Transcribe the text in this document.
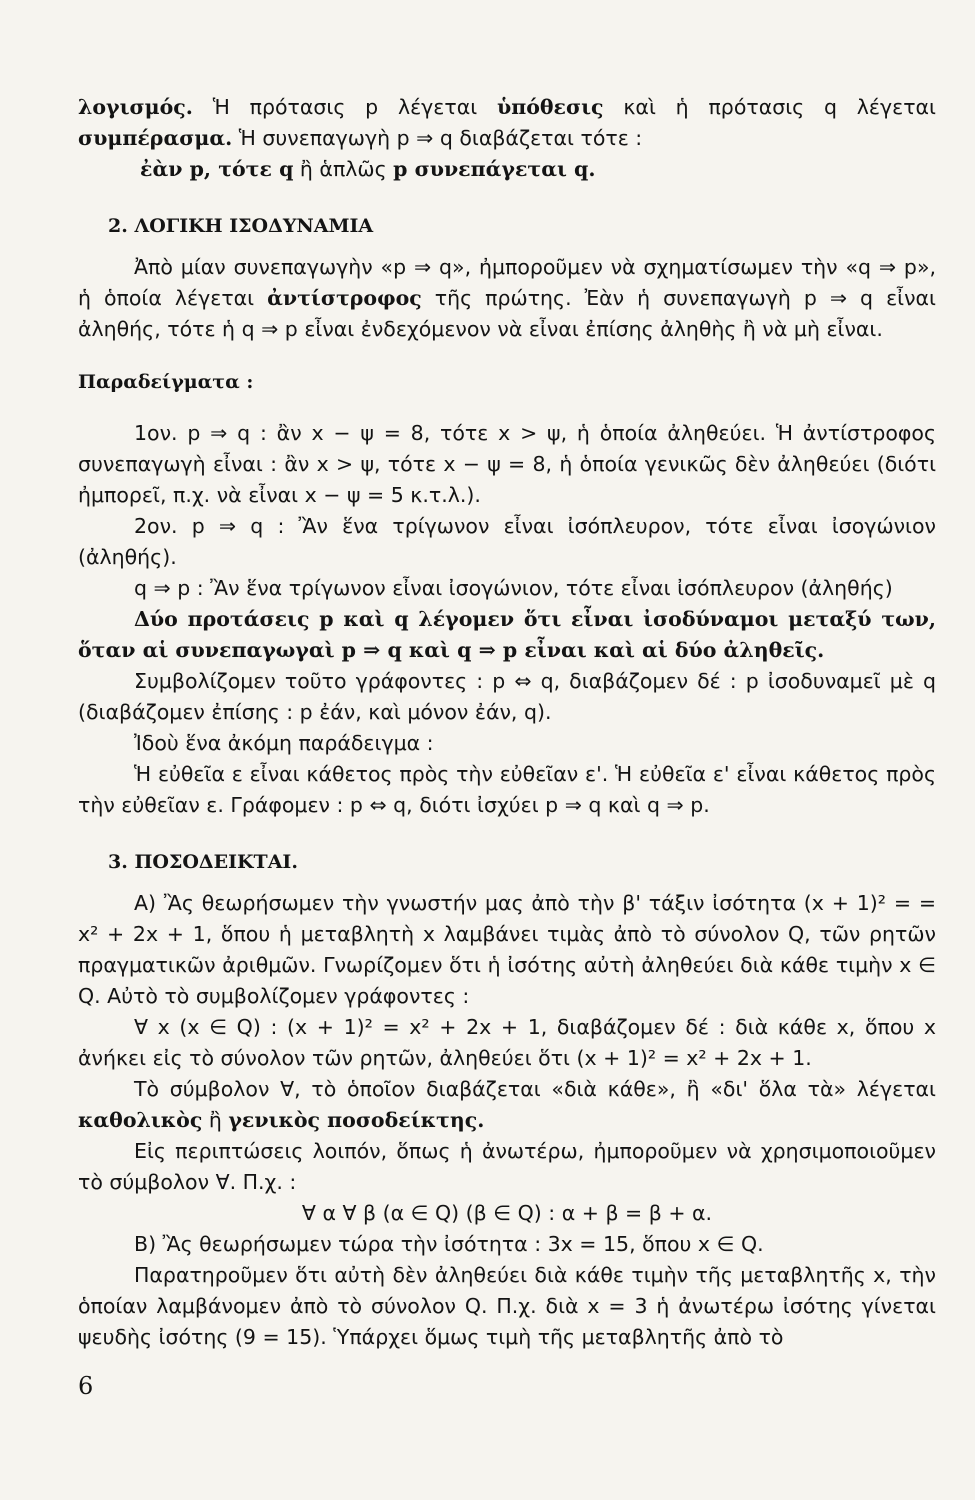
λογισμός. Ἡ πρότασις p λέγεται ὑπόθεσις καὶ ἡ πρότασις q λέγεται συμπέρασμα. Ἡ συνεπαγωγὴ p ⇒ q διαβάζεται τότε :

ἐὰν p, τότε q ἢ ἁπλῶς p συνεπάγεται q.

2. ΛΟΓΙΚΗ ΙΣΟΔΥΝΑΜΙΑ

Ἀπὸ μίαν συνεπαγωγὴν «p ⇒ q», ἠμποροῦμεν νὰ σχηματίσωμεν τὴν «q ⇒ p», ἡ ὁποία λέγεται ἀντίστροφος τῆς πρώτης. Ἐὰν ἡ συνεπαγωγὴ p ⇒ q εἶναι ἀληθής, τότε ἡ q ⇒ p εἶναι ἐνδεχόμενον νὰ εἶναι ἐπίσης ἀληθὴς ἢ νὰ μὴ εἶναι.

Παραδείγματα :

1ον. p ⇒ q : ἂν x − ψ = 8, τότε x > ψ, ἡ ὁποία ἀληθεύει. Ἡ ἀντίστροφος συνεπαγωγὴ εἶναι : ἂν x > ψ, τότε x − ψ = 8, ἡ ὁποία γενικῶς δὲν ἀληθεύει (διότι ἠμπορεῖ, π.χ. νὰ εἶναι x − ψ = 5 κ.τ.λ.).

2ον. p ⇒ q : Ἂν ἕνα τρίγωνον εἶναι ἰσόπλευρον, τότε εἶναι ἰσογώνιον (ἀληθής).

q ⇒ p : Ἂν ἕνα τρίγωνον εἶναι ἰσογώνιον, τότε εἶναι ἰσόπλευρον (ἀληθής)

Δύο προτάσεις p καὶ q λέγομεν ὅτι εἶναι ἰσοδύναμοι μεταξύ των, ὅταν αἱ συνεπαγωγαὶ p ⇒ q καὶ q ⇒ p εἶναι καὶ αἱ δύο ἀληθεῖς.

Συμβολίζομεν τοῦτο γράφοντες : p ⇔ q, διαβάζομεν δέ : p ἰσοδυναμεῖ μὲ q (διαβάζομεν ἐπίσης : p ἐάν, καὶ μόνον ἐάν, q).

Ἰδοὺ ἕνα ἀκόμη παράδειγμα :

Ἡ εὐθεῖα ε εἶναι κάθετος πρὸς τὴν εὐθεῖαν ε'. Ἡ εὐθεῖα ε' εἶναι κάθετος πρὸς τὴν εὐθεῖαν ε. Γράφομεν : p ⇔ q, διότι ἰσχύει p ⇒ q καὶ q ⇒ p.

3. ΠΟΣΟΔΕΙΚΤΑΙ.

Α) Ἂς θεωρήσωμεν τὴν γνωστήν μας ἀπὸ τὴν β' τάξιν ἰσότητα (x + 1)² = = x² + 2x + 1, ὅπου ἡ μεταβλητὴ x λαμβάνει τιμὰς ἀπὸ τὸ σύνολον Q, τῶν ρητῶν πραγματικῶν ἀριθμῶν. Γνωρίζομεν ὅτι ἡ ἰσότης αὐτὴ ἀληθεύει διὰ κάθε τιμὴν x ∈ Q. Αὐτὸ τὸ συμβολίζομεν γράφοντες :

∀ x (x ∈ Q) : (x + 1)² = x² + 2x + 1, διαβάζομεν δέ : διὰ κάθε x, ὅπου x ἀνήκει εἰς τὸ σύνολον τῶν ρητῶν, ἀληθεύει ὅτι (x + 1)² = x² + 2x + 1.

Τὸ σύμβολον ∀, τὸ ὁποῖον διαβάζεται «διὰ κάθε», ἢ «δι' ὅλα τὰ» λέγεται καθολικὸς ἢ γενικὸς ποσοδείκτης.

Εἰς περιπτώσεις λοιπόν, ὅπως ἡ ἀνωτέρω, ἠμποροῦμεν νὰ χρησιμοποιοῦμεν τὸ σύμβολον ∀. Π.χ. :

∀ α ∀ β (α ∈ Q) (β ∈ Q) : α + β = β + α.

Β) Ἂς θεωρήσωμεν τώρα τὴν ἰσότητα : 3x = 15, ὅπου x ∈ Q.

Παρατηροῦμεν ὅτι αὐτὴ δὲν ἀληθεύει διὰ κάθε τιμὴν τῆς μεταβλητῆς x, τὴν ὁποίαν λαμβάνομεν ἀπὸ τὸ σύνολον Q. Π.χ. διὰ x = 3 ἡ ἀνωτέρω ἰσότης γίνεται ψευδὴς ἰσότης (9 = 15). Ὑπάρχει ὅμως τιμὴ τῆς μεταβλητῆς ἀπὸ τὸ

6
